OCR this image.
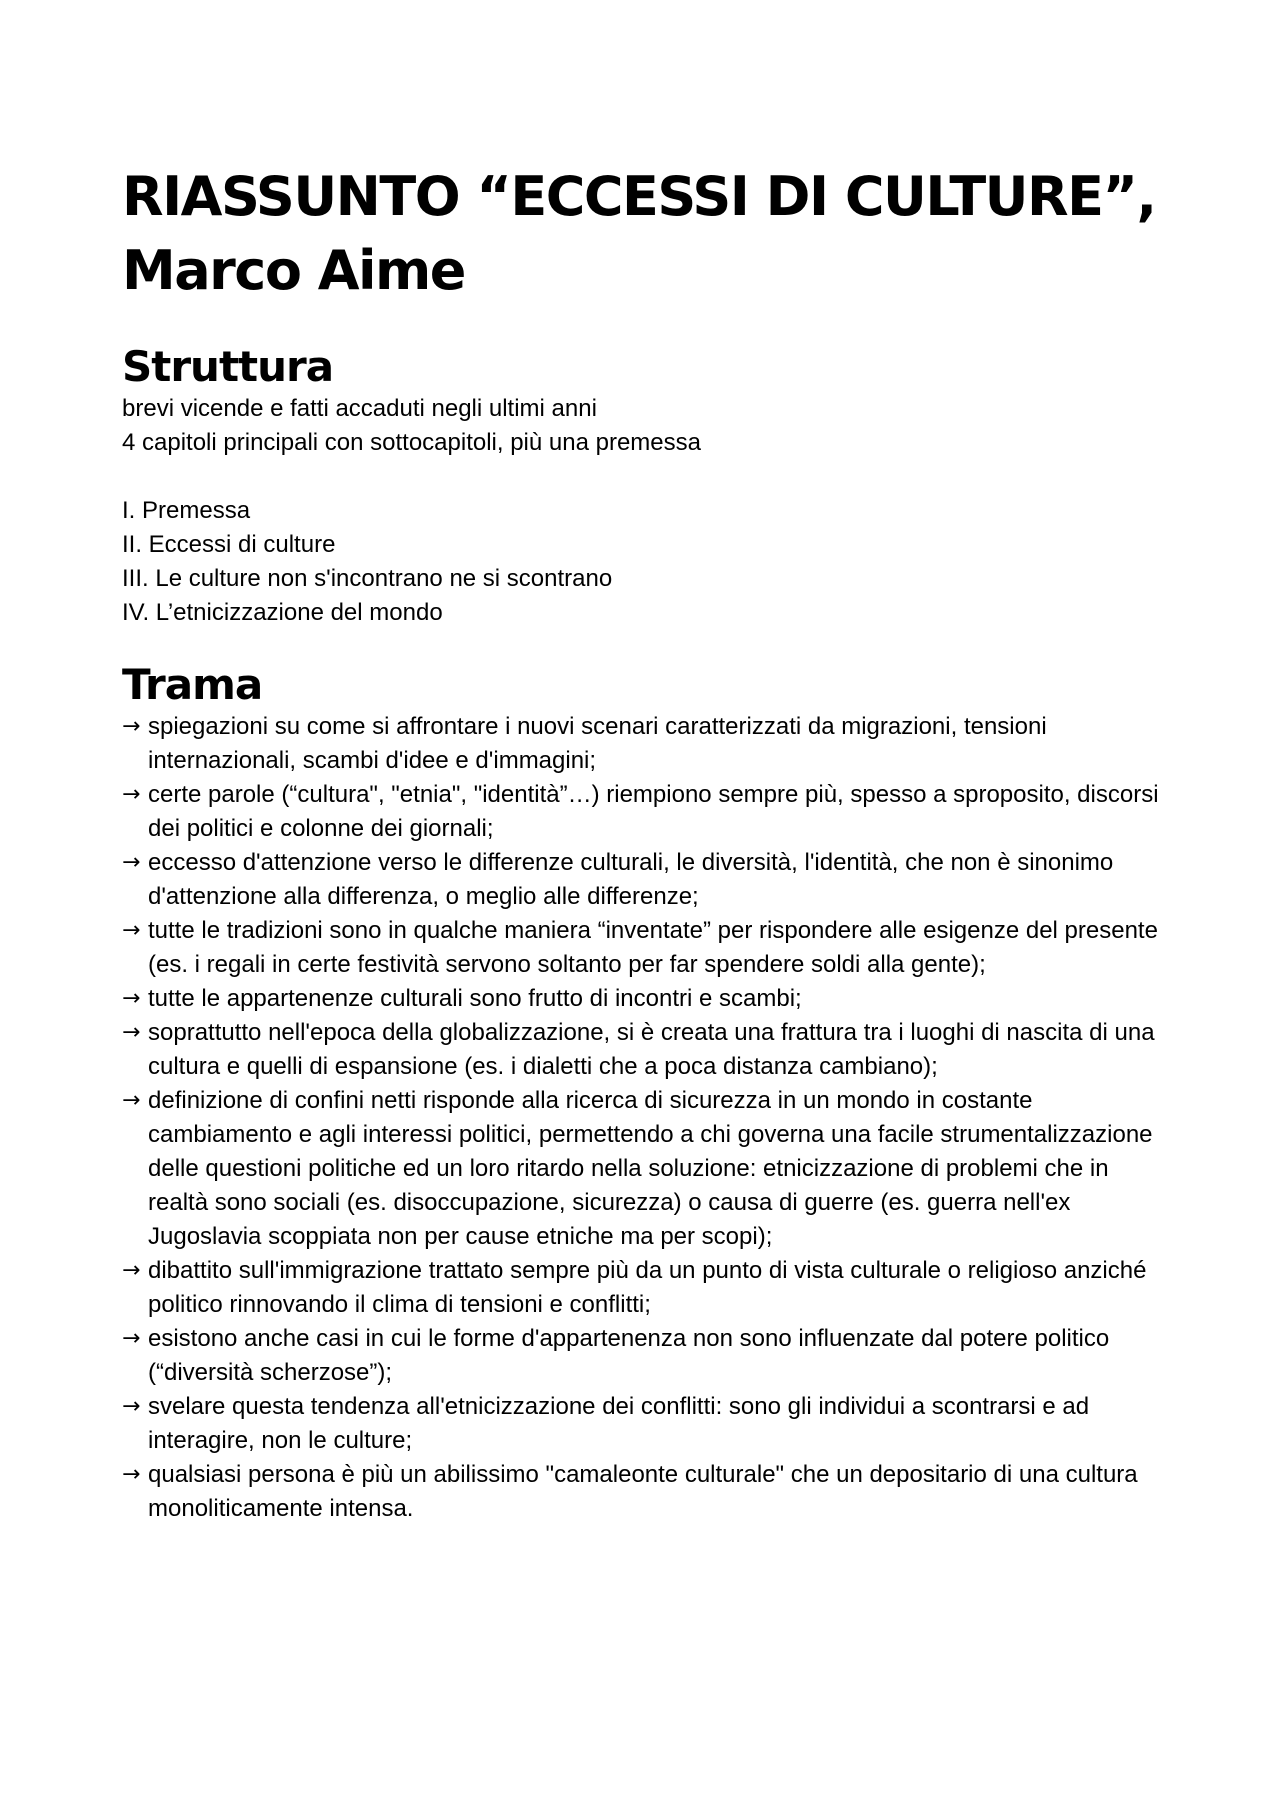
RIASSUNTO “ECCESSI DI CULTURE”,
Marco Aime
Struttura

brevi vicende e fatti accaduti negli ultimi anni

4 capitoli principali con sottocapitoli, più una premessa

I. Premessa

II. Eccessi di culture

III. Le culture non s'incontrano ne si scontrano

IV. L’etnicizzazione del mondo

Trama
→ spiegazioni su come si affrontare i nuovi scenari caratterizzati da migrazioni, tensioni internazionali, scambi d'idee e d'immagini;
→ certe parole (“cultura", "etnia", "identità”…) riempiono sempre più, spesso a sproposito, discorsi dei politici e colonne dei giornali;
→ eccesso d'attenzione verso le differenze culturali, le diversità, l'identità, che non è sinonimo d'attenzione alla differenza, o meglio alle differenze;
→ tutte le tradizioni sono in qualche maniera “inventate” per rispondere alle esigenze del presente (es. i regali in certe festività servono soltanto per far spendere soldi alla gente);
→ tutte le appartenenze culturali sono frutto di incontri e scambi;
→ soprattutto nell'epoca della globalizzazione, si è creata una frattura tra i luoghi di nascita di una cultura e quelli di espansione (es. i dialetti che a poca distanza cambiano);
→ definizione di confini netti risponde alla ricerca di sicurezza in un mondo in costante cambiamento e agli interessi politici, permettendo a chi governa una facile strumentalizzazione delle questioni politiche ed un loro ritardo nella soluzione: etnicizzazione di problemi che in realtà sono sociali (es. disoccupazione, sicurezza) o causa di guerre (es. guerra nell'ex Jugoslavia scoppiata non per cause etniche ma per scopi);
→ dibattito sull'immigrazione trattato sempre più da un punto di vista culturale o religioso anziché politico rinnovando il clima di tensioni e conflitti;
→ esistono anche casi in cui le forme d'appartenenza non sono influenzate dal potere politico (“diversità scherzose”);
→ svelare questa tendenza all'etnicizzazione dei conflitti: sono gli individui a scontrarsi e ad interagire, non le culture;
→ qualsiasi persona è più un abilissimo "camaleonte culturale" che un depositario di una cultura monoliticamente intensa.
